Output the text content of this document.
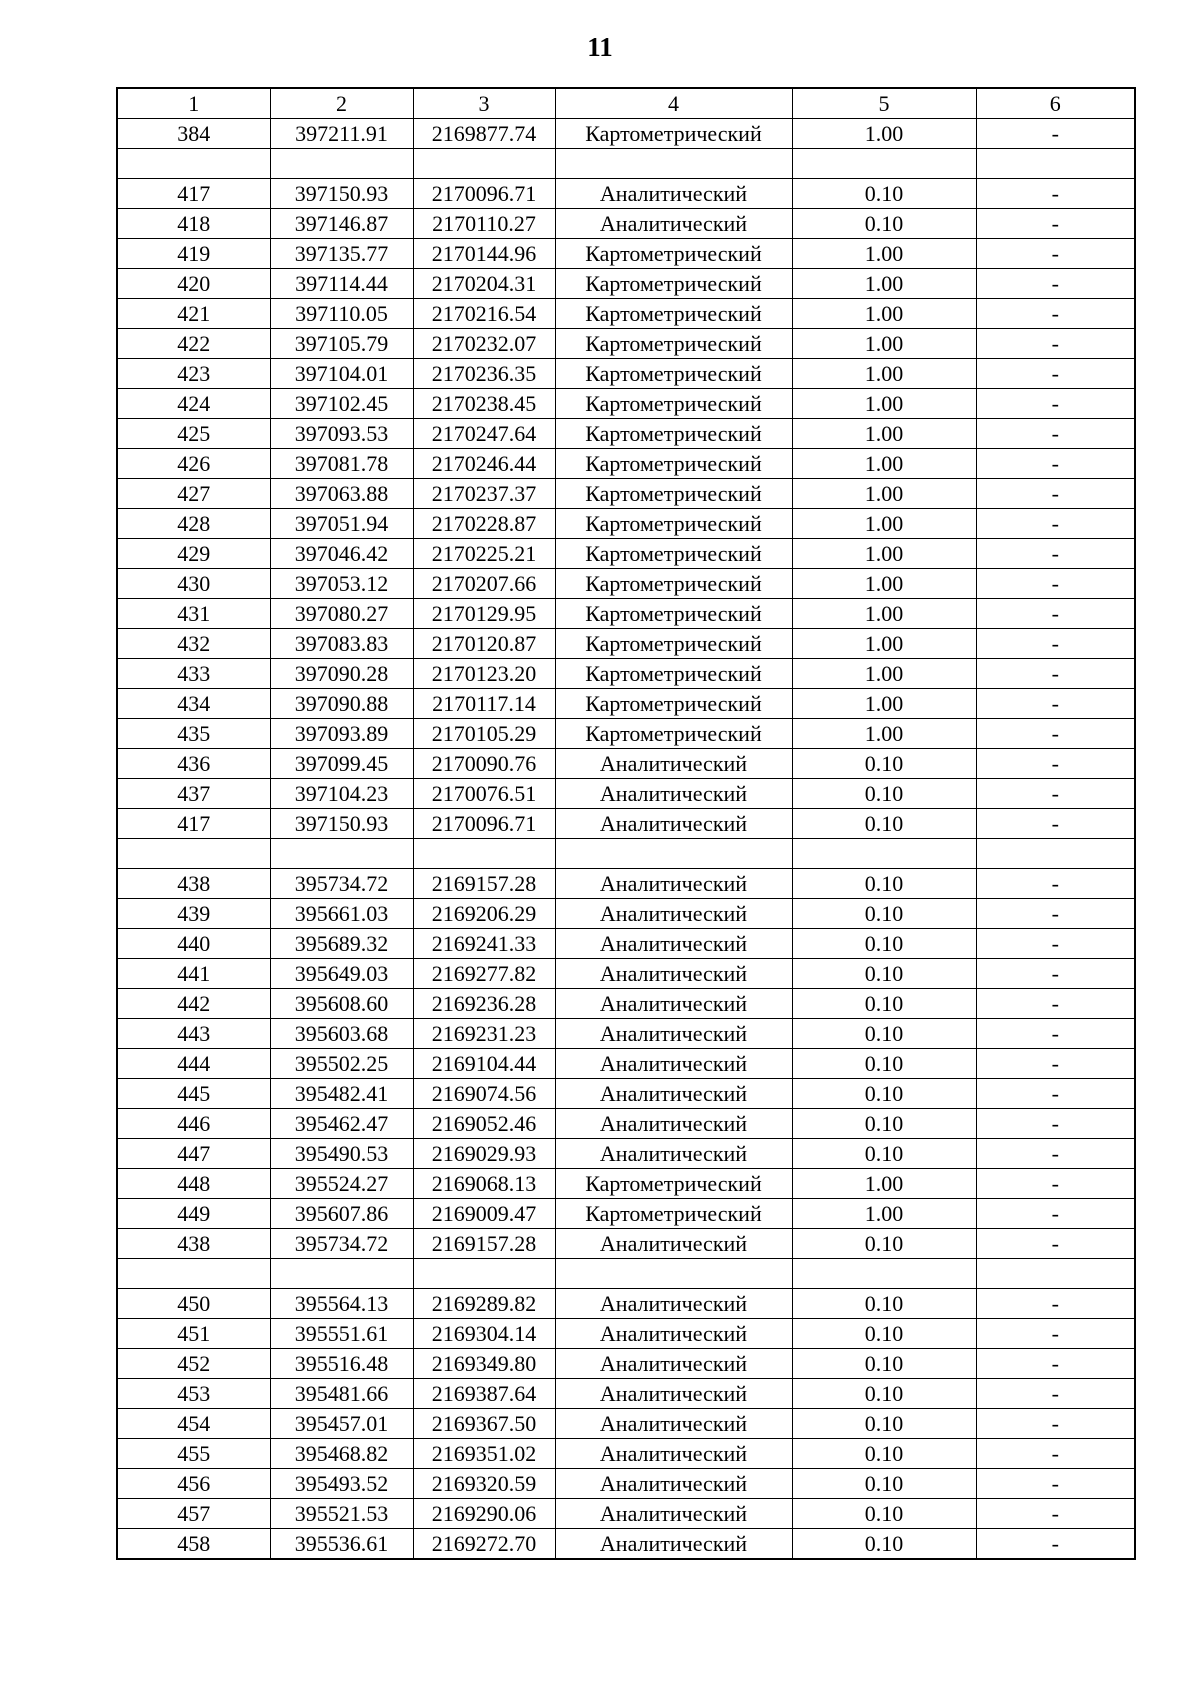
11
1	2	3	4	5	6
384	397211.91	2169877.74	Картометрический	1.00	-

417	397150.93	2170096.71	Аналитический	0.10	-
418	397146.87	2170110.27	Аналитический	0.10	-
419	397135.77	2170144.96	Картометрический	1.00	-
420	397114.44	2170204.31	Картометрический	1.00	-
421	397110.05	2170216.54	Картометрический	1.00	-
422	397105.79	2170232.07	Картометрический	1.00	-
423	397104.01	2170236.35	Картометрический	1.00	-
424	397102.45	2170238.45	Картометрический	1.00	-
425	397093.53	2170247.64	Картометрический	1.00	-
426	397081.78	2170246.44	Картометрический	1.00	-
427	397063.88	2170237.37	Картометрический	1.00	-
428	397051.94	2170228.87	Картометрический	1.00	-
429	397046.42	2170225.21	Картометрический	1.00	-
430	397053.12	2170207.66	Картометрический	1.00	-
431	397080.27	2170129.95	Картометрический	1.00	-
432	397083.83	2170120.87	Картометрический	1.00	-
433	397090.28	2170123.20	Картометрический	1.00	-
434	397090.88	2170117.14	Картометрический	1.00	-
435	397093.89	2170105.29	Картометрический	1.00	-
436	397099.45	2170090.76	Аналитический	0.10	-
437	397104.23	2170076.51	Аналитический	0.10	-
417	397150.93	2170096.71	Аналитический	0.10	-

438	395734.72	2169157.28	Аналитический	0.10	-
439	395661.03	2169206.29	Аналитический	0.10	-
440	395689.32	2169241.33	Аналитический	0.10	-
441	395649.03	2169277.82	Аналитический	0.10	-
442	395608.60	2169236.28	Аналитический	0.10	-
443	395603.68	2169231.23	Аналитический	0.10	-
444	395502.25	2169104.44	Аналитический	0.10	-
445	395482.41	2169074.56	Аналитический	0.10	-
446	395462.47	2169052.46	Аналитический	0.10	-
447	395490.53	2169029.93	Аналитический	0.10	-
448	395524.27	2169068.13	Картометрический	1.00	-
449	395607.86	2169009.47	Картометрический	1.00	-
438	395734.72	2169157.28	Аналитический	0.10	-

450	395564.13	2169289.82	Аналитический	0.10	-
451	395551.61	2169304.14	Аналитический	0.10	-
452	395516.48	2169349.80	Аналитический	0.10	-
453	395481.66	2169387.64	Аналитический	0.10	-
454	395457.01	2169367.50	Аналитический	0.10	-
455	395468.82	2169351.02	Аналитический	0.10	-
456	395493.52	2169320.59	Аналитический	0.10	-
457	395521.53	2169290.06	Аналитический	0.10	-
458	395536.61	2169272.70	Аналитический	0.10	-
